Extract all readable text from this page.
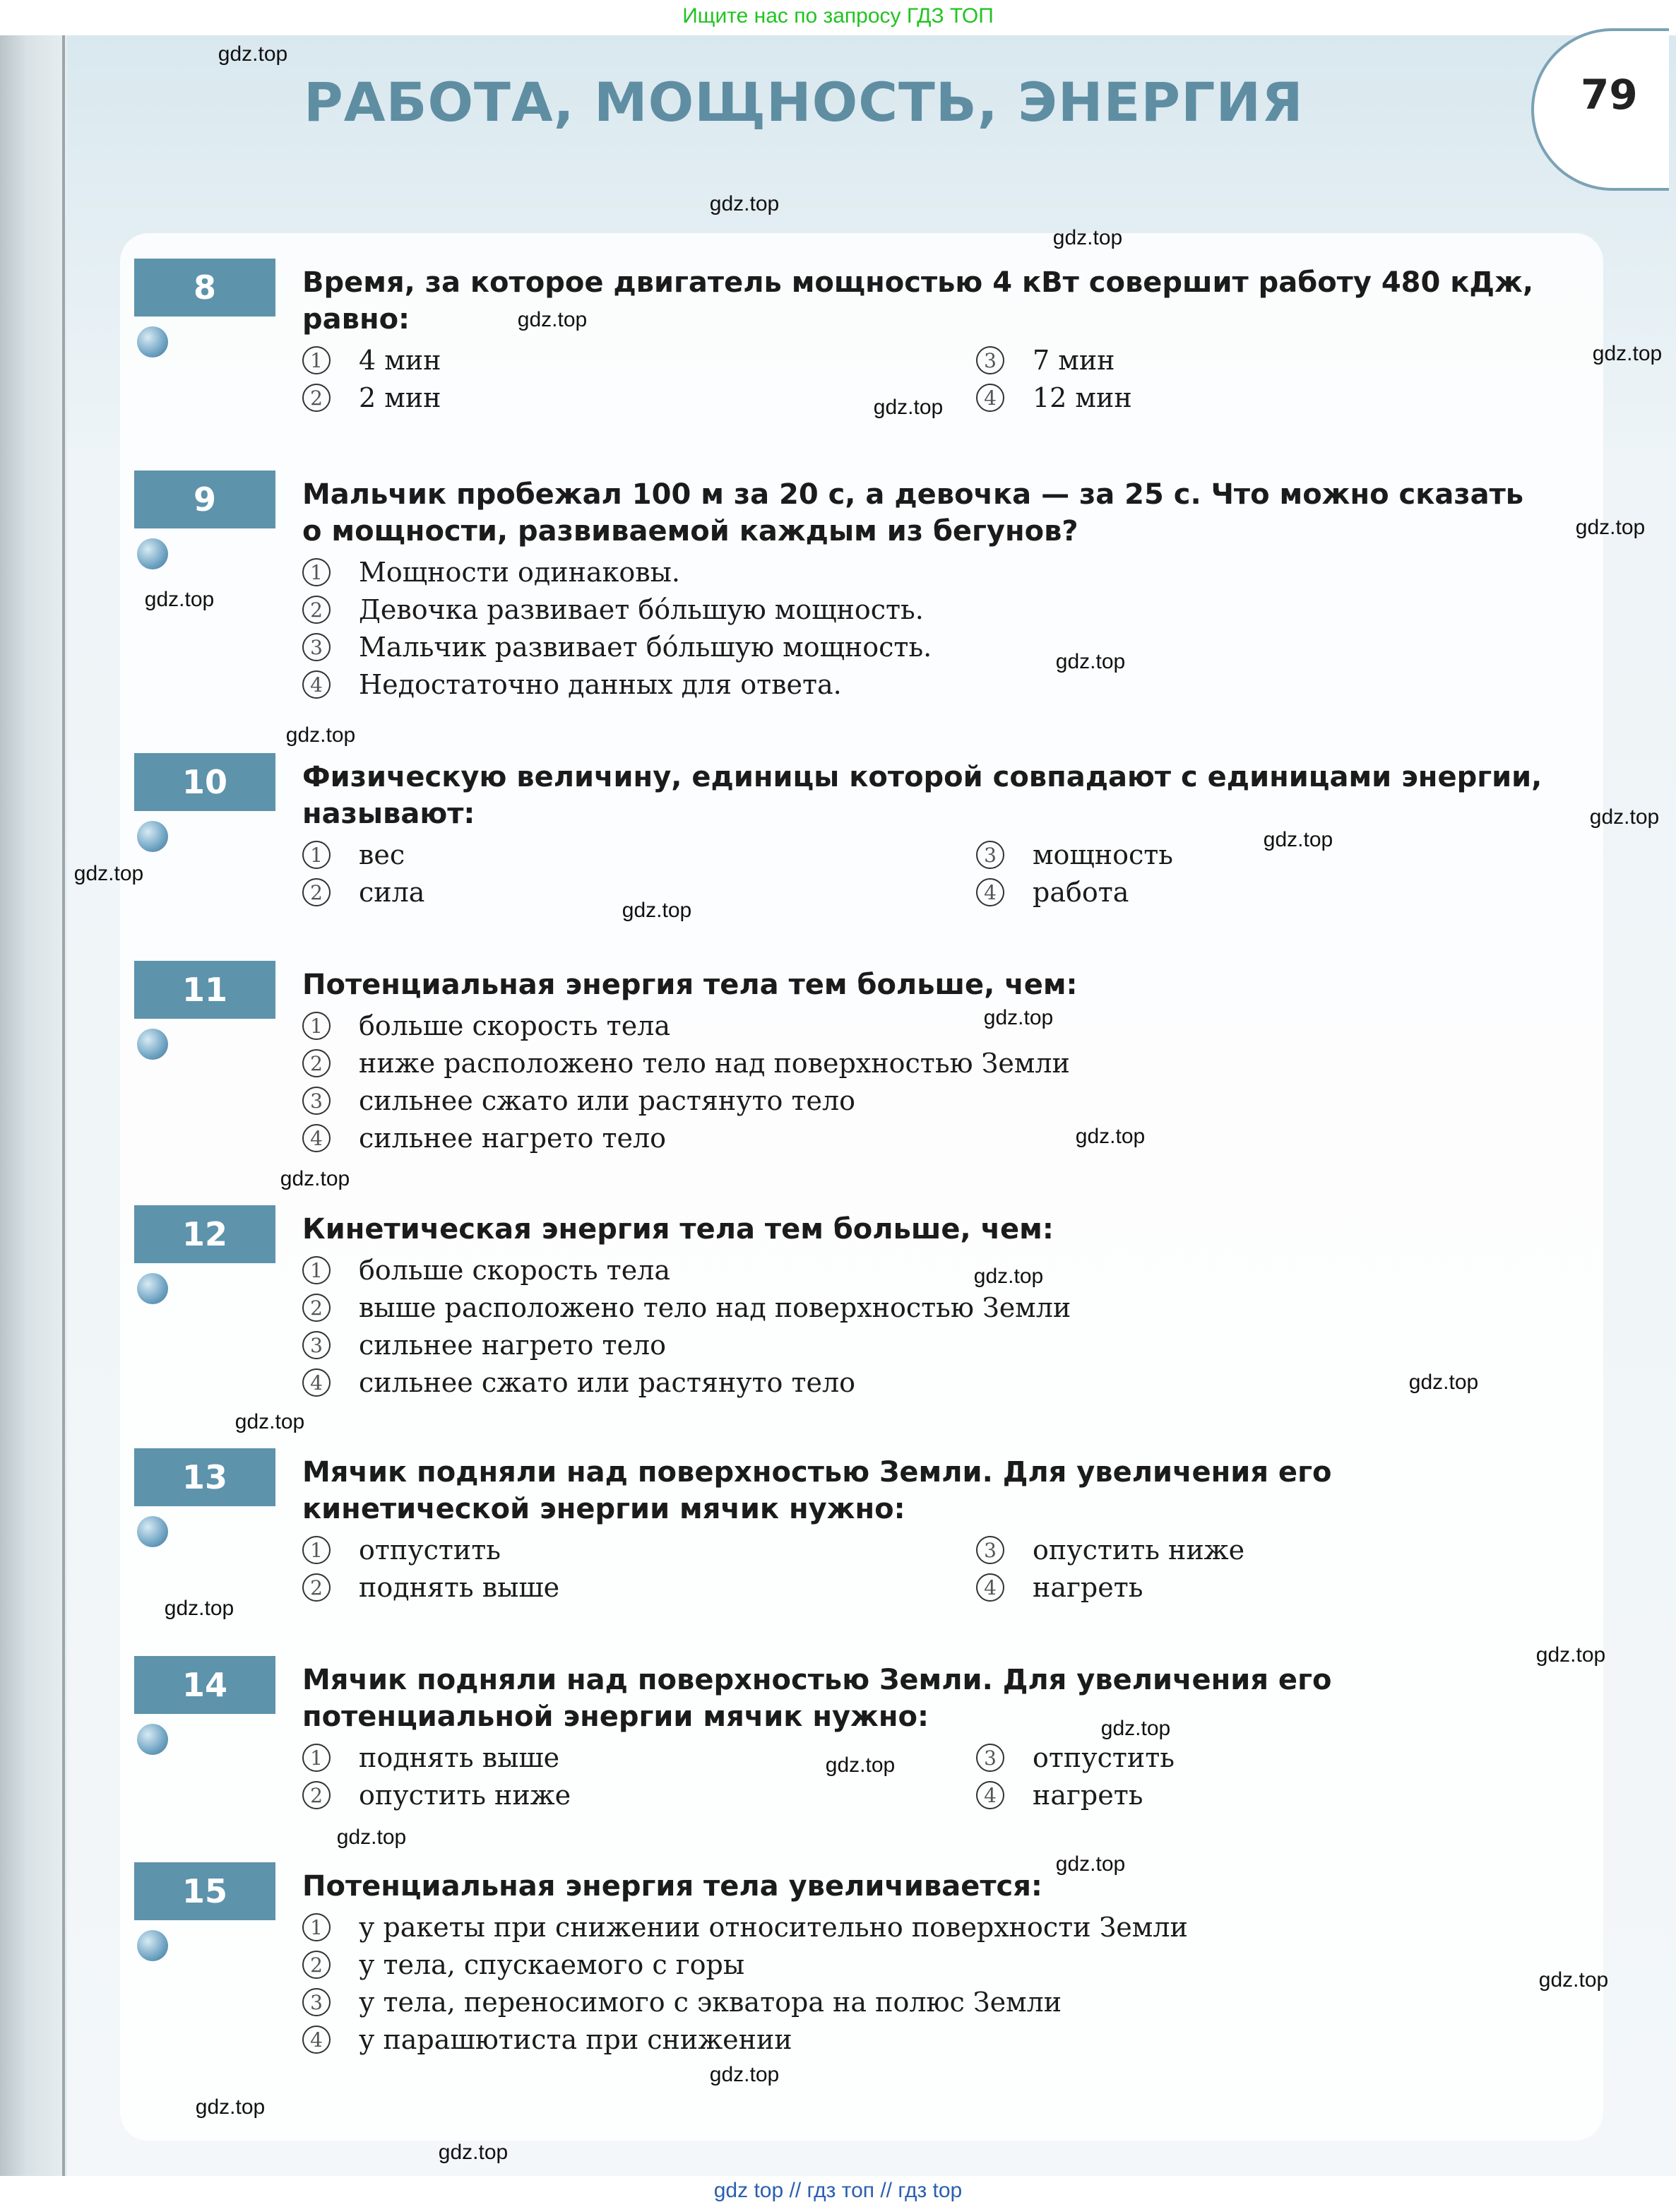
Ищите нас по запросу ГДЗ ТОП
РАБОТА, МОЩНОСТЬ, ЭНЕРГИЯ	79
8	Время, за которое двигатель мощностью 4 кВт совершит работу 480 кДж, равно:
1 4 мин
2 2 мин
3 7 мин
4 12 мин
9	Мальчик пробежал 100 м за 20 с, а девочка — за 25 с. Что можно сказать о мощности, развиваемой каждым из бегунов?
1 Мощности одинаковы.
2 Девочка развивает бóльшую мощность.
3 Мальчик развивает бóльшую мощность.
4 Недостаточно данных для ответа.
10	Физическую величину, единицы которой совпадают с единицами энергии, называют:
1 вес
2 сила
3 мощность
4 работа
11	Потенциальная энергия тела тем больше, чем:
1 больше скорость тела
2 ниже расположено тело над поверхностью Земли
3 сильнее сжато или растянуто тело
4 сильнее нагрето тело
12	Кинетическая энергия тела тем больше, чем:
1 больше скорость тела
2 выше расположено тело над поверхностью Земли
3 сильнее нагрето тело
4 сильнее сжато или растянуто тело
13	Мячик подняли над поверхностью Земли. Для увеличения его кинетической энергии мячик нужно:
1 отпустить
2 поднять выше
3 опустить ниже
4 нагреть
14	Мячик подняли над поверхностью Земли. Для увеличения его потенциальной энергии мячик нужно:
1 поднять выше
2 опустить ниже
3 отпустить
4 нагреть
15	Потенциальная энергия тела увеличивается:
1 у ракеты при снижении относительно поверхности Земли
2 у тела, спускаемого с горы
3 у тела, переносимого с экватора на полюс Земли
4 у парашютиста при снижении
gdz.top
gdz.top
gdz.top
gdz.top
gdz.top
gdz.top
gdz.top
gdz.top
gdz.top
gdz.top
gdz.top
gdz.top
gdz.top
gdz.top
gdz.top
gdz.top
gdz.top
gdz.top
gdz.top
gdz.top
gdz.top
gdz.top
gdz.top
gdz.top
gdz.top
gdz.top
gdz.top
gdz.top
gdz.top
gdz.top
gdz top // гдз топ // гдз top
